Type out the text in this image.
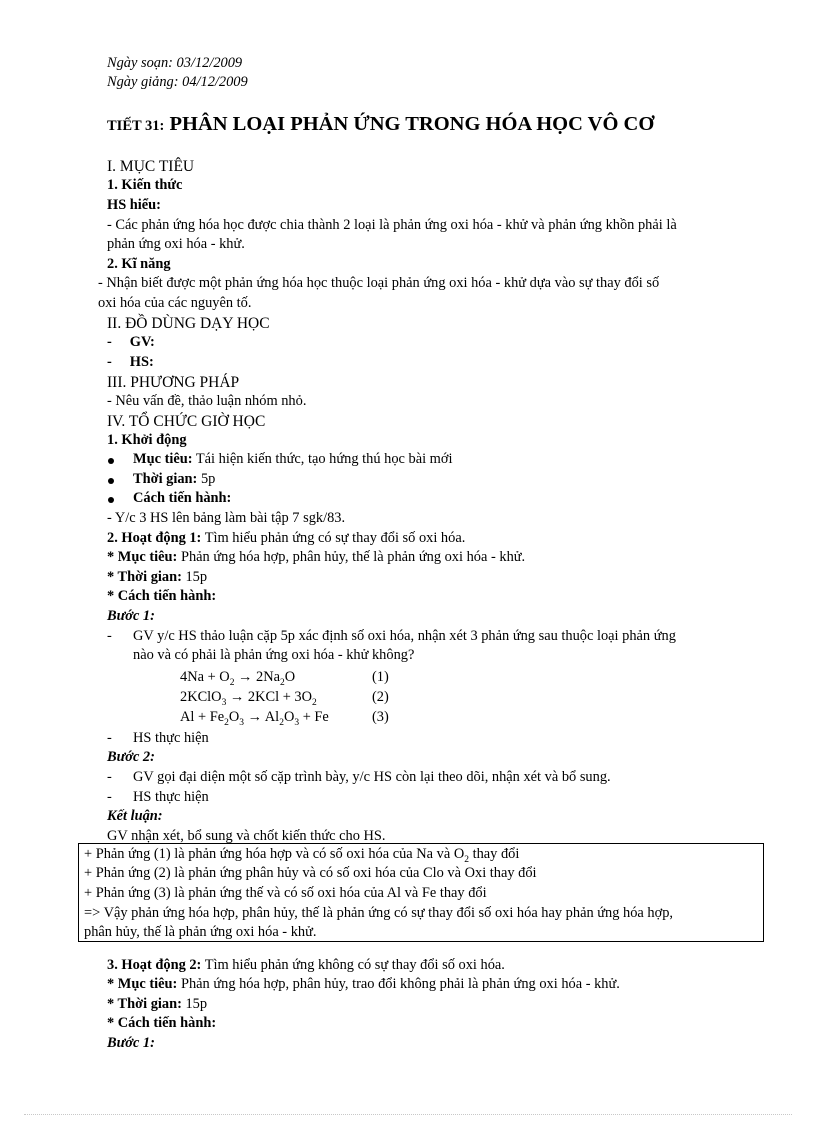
Ngày soạn: 03/12/2009
Ngày giảng: 04/12/2009
TIẾT 31: PHÂN LOẠI PHẢN ỨNG TRONG HÓA HỌC VÔ CƠ
I. MỤC TIÊU
1. Kiến thức
HS hiểu:
- Các phản ứng hóa học được chia thành 2 loại là phản ứng oxi hóa - khử và phản ứng khồn phải là
phản ứng oxi hóa - khử.
2. Kĩ năng
- Nhận biết được một phản ứng hóa học thuộc loại phản ứng oxi hóa - khử dựa vào sự thay đổi số
oxi hóa của các nguyên tố.
II. ĐỒ DÙNG DẠY HỌC
-     GV:
-     HS:
III. PHƯƠNG PHÁP
- Nêu vấn đề, thảo luận nhóm nhỏ.
IV. TỔ CHỨC GIỜ HỌC
1. Khởi động
Mục tiêu: Tái hiện kiến thức, tạo hứng thú học bài mới
Thời gian: 5p
Cách tiến hành:
- Y/c 3 HS lên bảng làm bài tập 7 sgk/83.
2. Hoạt động 1: Tìm hiểu phản ứng có sự thay đổi số oxi hóa.
* Mục tiêu: Phản ứng hóa hợp, phân hủy, thế là phản ứng oxi hóa - khử.
* Thời gian: 15p
* Cách tiến hành:
Bước 1:
- GV y/c HS thảo luận cặp 5p xác định số oxi hóa, nhận xét 3 phản ứng sau thuộc loại phản ứng
nào và có phải là phản ứng oxi hóa - khử không?
$4Na + O_2 \to 2Na_2O$	(1)
2KClO$_3$ → $2KCl + 3O_2$	(2)
$Al + Fe_2O_3 \to Al_2O_3 + Fe$	(3)
- HS thực hiện
Bước 2:
- GV gọi đại diện một số cặp trình bày, y/c HS còn lại theo dõi, nhận xét và bổ sung.
- HS thực hiện
Kết luận:
GV nhận xét, bổ sung và chốt kiến thức cho HS.
+ Phản ứng (1) là phản ứng hóa hợp và có số oxi hóa của Na và $O_2$ thay đổi
+ Phản ứng (2) là phản ứng phân hủy và có số oxi hóa của Clo và Oxi thay đổi
+ Phản ứng (3) là phản ứng thế và có số oxi hóa của Al và Fe thay đổi
=> Vậy phản ứng hóa hợp, phân hủy, thế là phản ứng có sự thay đổi số oxi hóa hay phản ứng hóa hợp,
phân hủy, thế là phản ứng oxi hóa - khử.
3. Hoạt động 2: Tìm hiểu phản ứng không có sự thay đổi số oxi hóa.
* Mục tiêu: Phản ứng hóa hợp, phân hủy, trao đổi không phải là phản ứng oxi hóa - khử.
* Thời gian: 15p
* Cách tiến hành:
Bước 1:
